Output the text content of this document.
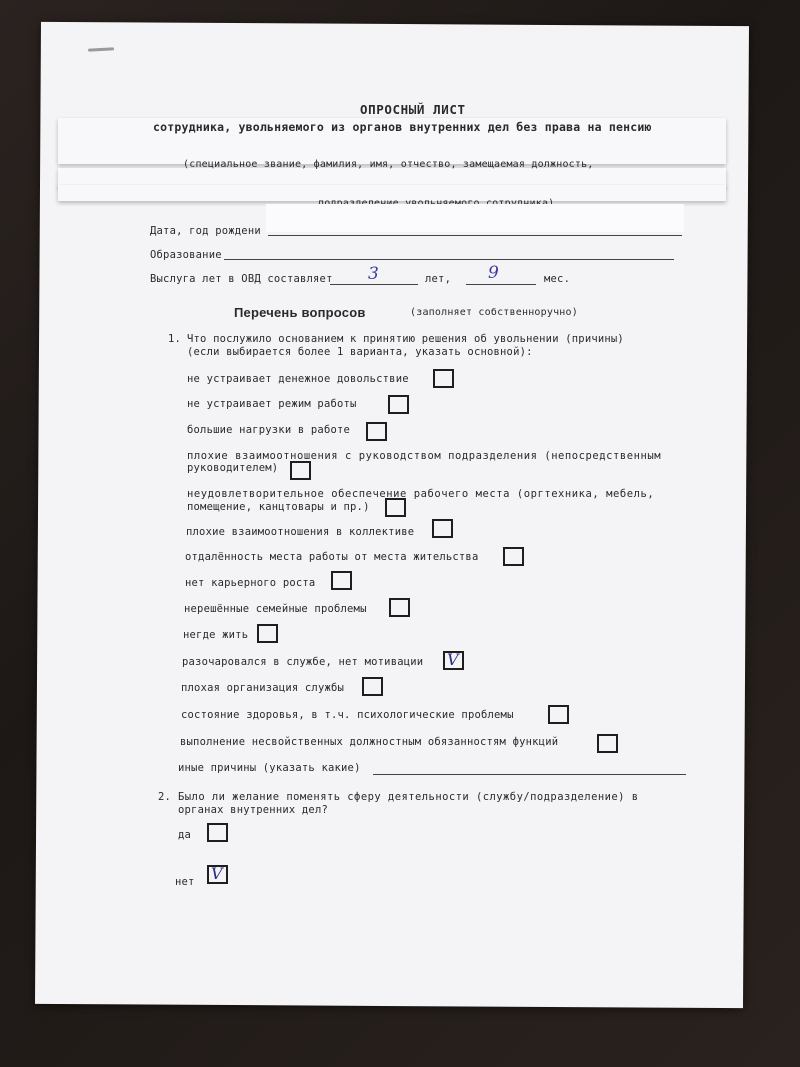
ОПРОСНЫЙ ЛИСТ
сотрудника, увольняемого из органов внутренних дел без права на пенсию
(специальное звание, фамилия, имя, отчество, замещаемая должность,
Дата, год рождени
Образование
Выслуга лет в ОВД составляет 3	лет, 9	мес.
Перечень вопросов	(заполняет собственноручно)
1. Что послужило основанием к принятию решения об увольнении (причины)
(если выбирается более 1 варианта, указать основной):
не устраивает денежное довольствие
не устраивает режим работы
большие нагрузки в работе
плохие взаимоотношения с руководством подразделения (непосредственным
руководителем)
неудовлетворительное обеспечение рабочего места (оргтехника, мебель,
помещение, канцтовары и пр.)
плохие взаимоотношения в коллективе
отдалённость места работы от места жительства
нет карьерного роста
нерешённые семейные проблемы
негде жить
разочаровался в службе, нет мотивации V
плохая организация службы
состояние здоровья, в т.ч. психологические проблемы
выполнение несвойственных должностным обязанностям функций
иные причины (указать какие)
2. Было ли желание поменять сферу деятельности (службу/подразделение) в
органах внутренних дел?
да
нет V
